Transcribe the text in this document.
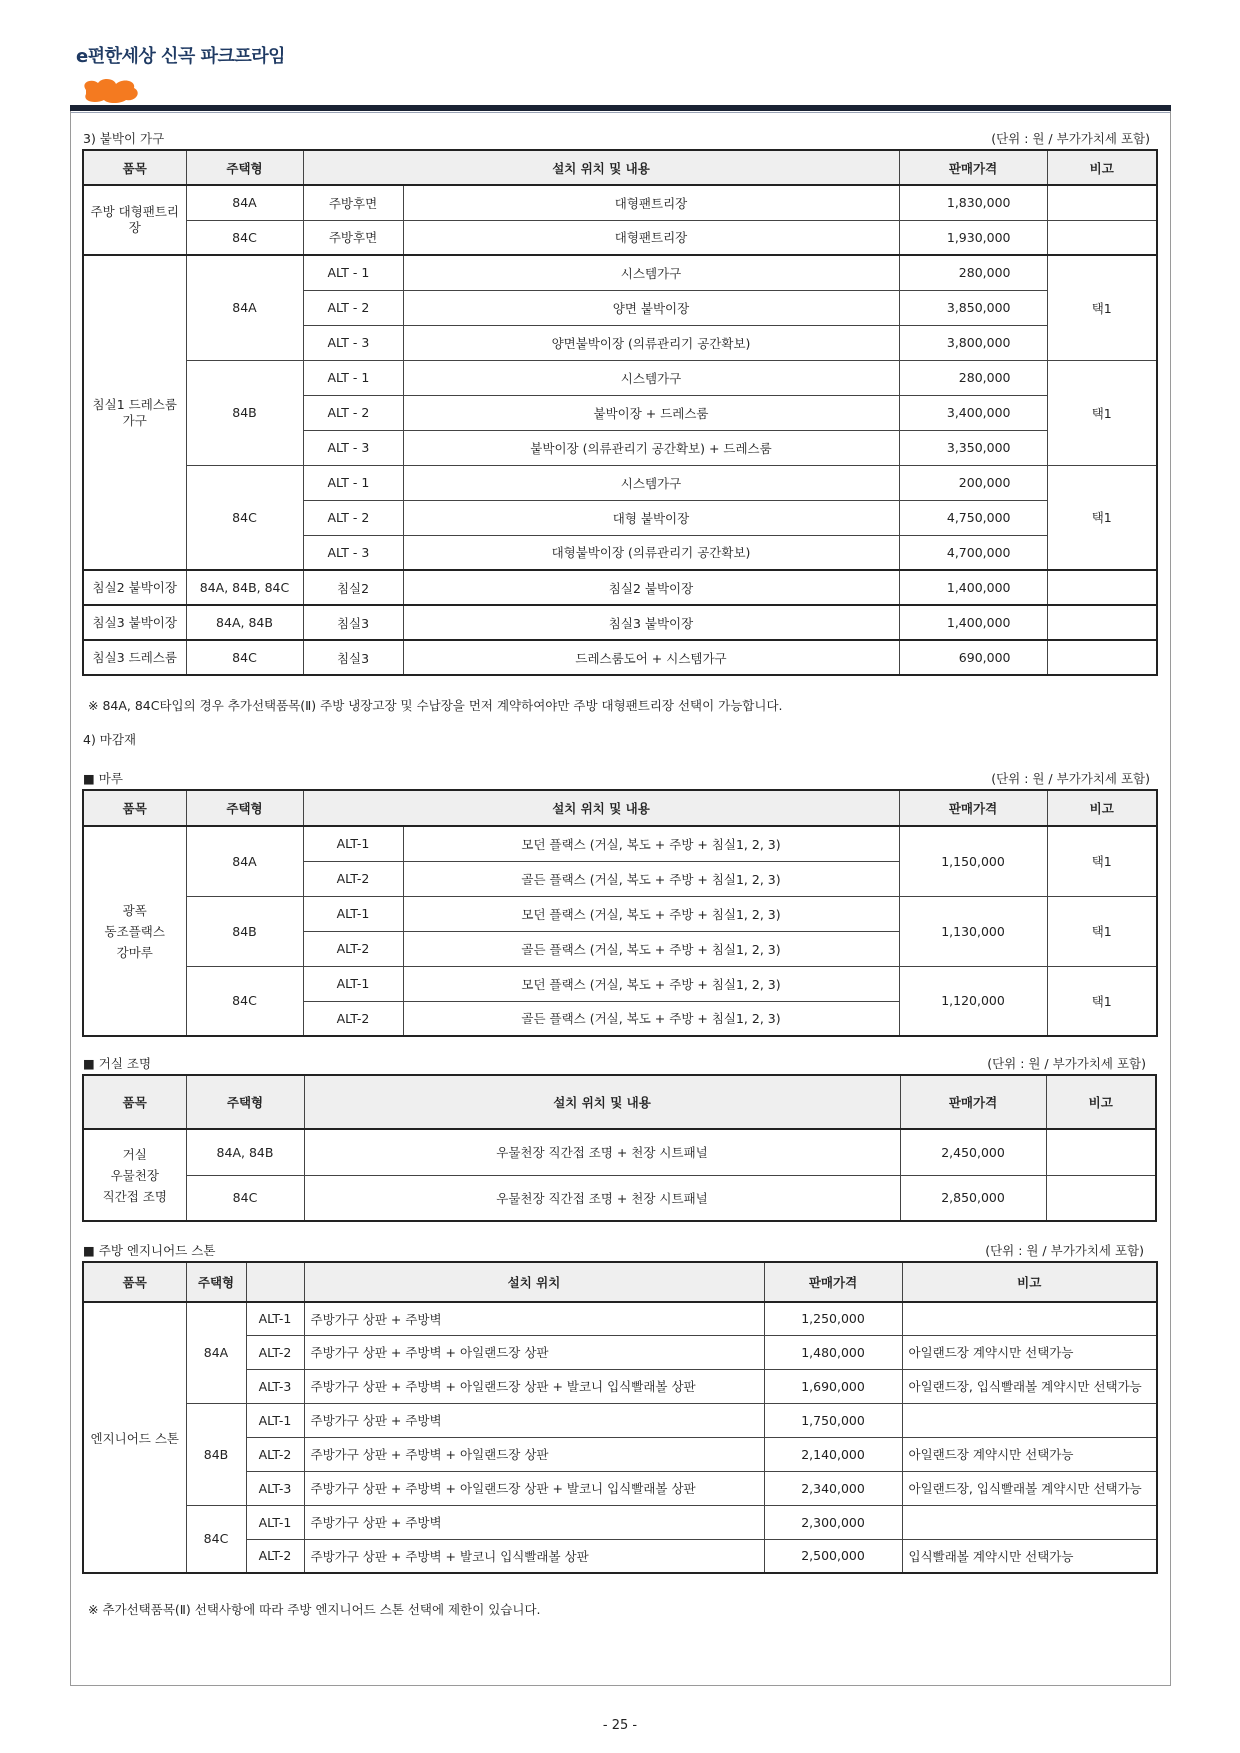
e편한세상 신곡 파크프라임
3) 붙박이 가구	(단위 : 원 / 부가가치세 포함)
품목	주택형	설치 위치 및 내용		판매가격	비고
주방 대형팬트리장	84A	주방후면	대형팬트리장	1,830,000	
	84C	주방후면	대형팬트리장	1,930,000	
침실1 드레스룸 가구	84A	ALT - 1	시스템가구	280,000	택1
		ALT - 2	양면 붙박이장	3,850,000	
		ALT - 3	양면붙박이장 (의류관리기 공간확보)	3,800,000	
	84B	ALT - 1	시스템가구	280,000	택1
		ALT - 2	붙박이장 + 드레스룸	3,400,000	
		ALT - 3	붙박이장 (의류관리기 공간확보) + 드레스룸	3,350,000	
	84C	ALT - 1	시스템가구	200,000	택1
		ALT - 2	대형 붙박이장	4,750,000	
		ALT - 3	대형붙박이장 (의류관리기 공간확보)	4,700,000	
침실2 붙박이장	84A, 84B, 84C	침실2	침실2 붙박이장	1,400,000	
침실3 붙박이장	84A, 84B	침실3	침실3 붙박이장	1,400,000	
침실3 드레스룸	84C	침실3	드레스룸도어 + 시스템가구	690,000	
※ 84A, 84C타입의 경우 추가선택품목(Ⅱ) 주방 냉장고장 및 수납장을 먼저 계약하여야만 주방 대형팬트리장 선택이 가능합니다.
4) 마감재
■ 마루	(단위 : 원 / 부가가치세 포함)
품목	주택형	설치 위치 및 내용		판매가격	비고

광폭
동조플랙스
강마루	84A	ALT-1	모던 플랙스 (거실, 복도 + 주방 + 침실1, 2, 3)	1,150,000	택1
		ALT-2	골든 플랙스 (거실, 복도 + 주방 + 침실1, 2, 3)		
	84B	ALT-1	모던 플랙스 (거실, 복도 + 주방 + 침실1, 2, 3)	1,130,000	택1
		ALT-2	골든 플랙스 (거실, 복도 + 주방 + 침실1, 2, 3)		
	84C	ALT-1	모던 플랙스 (거실, 복도 + 주방 + 침실1, 2, 3)	1,120,000	택1
		ALT-2	골든 플랙스 (거실, 복도 + 주방 + 침실1, 2, 3)		
■ 거실 조명	(단위 : 원 / 부가가치세 포함)
품목	주택형	설치 위치 및 내용	판매가격	비고

거실
우물천장
직간접 조명	84A, 84B	우물천장 직간접 조명 + 천장 시트패널	2,450,000	
	84C	우물천장 직간접 조명 + 천장 시트패널	2,850,000	
■ 주방 엔지니어드 스톤	(단위 : 원 / 부가가치세 포함)
품목	주택형		설치 위치	판매가격	비고
엔지니어드 스톤	84A	ALT-1	주방가구 상판 + 주방벽	1,250,000	
		ALT-2	주방가구 상판 + 주방벽 + 아일랜드장 상판	1,480,000	아일랜드장 계약시만 선택가능
		ALT-3	주방가구 상판 + 주방벽 + 아일랜드장 상판 + 발코니 입식빨래볼 상판	1,690,000	아일랜드장, 입식빨래볼 계약시만 선택가능
	84B	ALT-1	주방가구 상판 + 주방벽	1,750,000	
		ALT-2	주방가구 상판 + 주방벽 + 아일랜드장 상판	2,140,000	아일랜드장 계약시만 선택가능
		ALT-3	주방가구 상판 + 주방벽 + 아일랜드장 상판 + 발코니 입식빨래볼 상판	2,340,000	아일랜드장, 입식빨래볼 계약시만 선택가능
	84C	ALT-1	주방가구 상판 + 주방벽	2,300,000	
		ALT-2	주방가구 상판 + 주방벽 + 발코니 입식빨래볼 상판	2,500,000	입식빨래볼 계약시만 선택가능
※ 추가선택품목(Ⅱ) 선택사항에 따라 주방 엔지니어드 스톤 선택에 제한이 있습니다.
- 25 -
